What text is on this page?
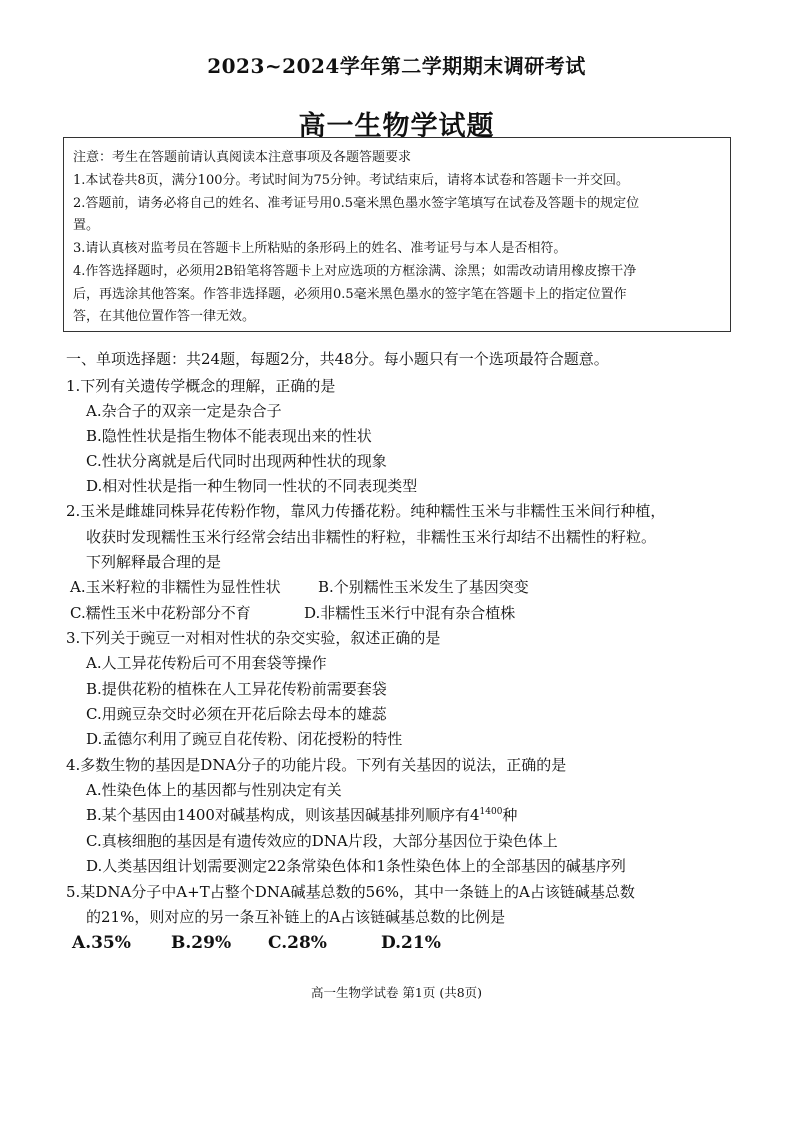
2023~2024学年第二学期期末调研考试
高一生物学试题
注意：考生在答题前请认真阅读本注意事项及各题答题要求
1.本试卷共8页，满分100分。考试时间为75分钟。考试结束后，请将本试卷和答题卡一并交回。
2.答题前，请务必将自己的姓名、准考证号用0.5毫米黑色墨水签字笔填写在试卷及答题卡的规定位
置。
3.请认真核对监考员在答题卡上所粘贴的条形码上的姓名、准考证号与本人是否相符。
4.作答选择题时，必须用2B铅笔将答题卡上对应选项的方框涂满、涂黑；如需改动请用橡皮擦干净
后，再选涂其他答案。作答非选择题，必须用0.5毫米黑色墨水的签字笔在答题卡上的指定位置作
答，在其他位置作答一律无效。
一、单项选择题：共24题，每题2分，共48分。每小题只有一个选项最符合题意。
1.下列有关遗传学概念的理解，正确的是
A.杂合子的双亲一定是杂合子
B.隐性性状是指生物体不能表现出来的性状
C.性状分离就是后代同时出现两种性状的现象
D.相对性状是指一种生物同一性状的不同表现类型
2.玉米是雌雄同株异花传粉作物，靠风力传播花粉。纯种糯性玉米与非糯性玉米间行种植，
收获时发现糯性玉米行经常会结出非糯性的籽粒，非糯性玉米行却结不出糯性的籽粒。
下列解释最合理的是
A.玉米籽粒的非糯性为显性性状 B.个别糯性玉米发生了基因突变
C.糯性玉米中花粉部分不育	D.非糯性玉米行中混有杂合植株
3.下列关于豌豆一对相对性状的杂交实验，叙述正确的是
A.人工异花传粉后可不用套袋等操作
B.提供花粉的植株在人工异花传粉前需要套袋
C.用豌豆杂交时必须在开花后除去母本的雄蕊
D.孟德尔利用了豌豆自花传粉、闭花授粉的特性
4.多数生物的基因是DNA分子的功能片段。下列有关基因的说法，正确的是
A.性染色体上的基因都与性别决定有关
B.某个基因由1400对碱基构成，则该基因碱基排列顺序有$4^{1400}$种
C.真核细胞的基因是有遗传效应的DNA片段，大部分基因位于染色体上
D.人类基因组计划需要测定22条常染色体和1条性染色体上的全部基因的碱基序列
5.某DNA分子中A+T占整个DNA碱基总数的56%，其中一条链上的A占该链碱基总数
的21%，则对应的另一条互补链上的A占该链碱基总数的比例是
A.35% B.29% C.28%	D.21%
高一生物学试卷 第1页 (共8页)
